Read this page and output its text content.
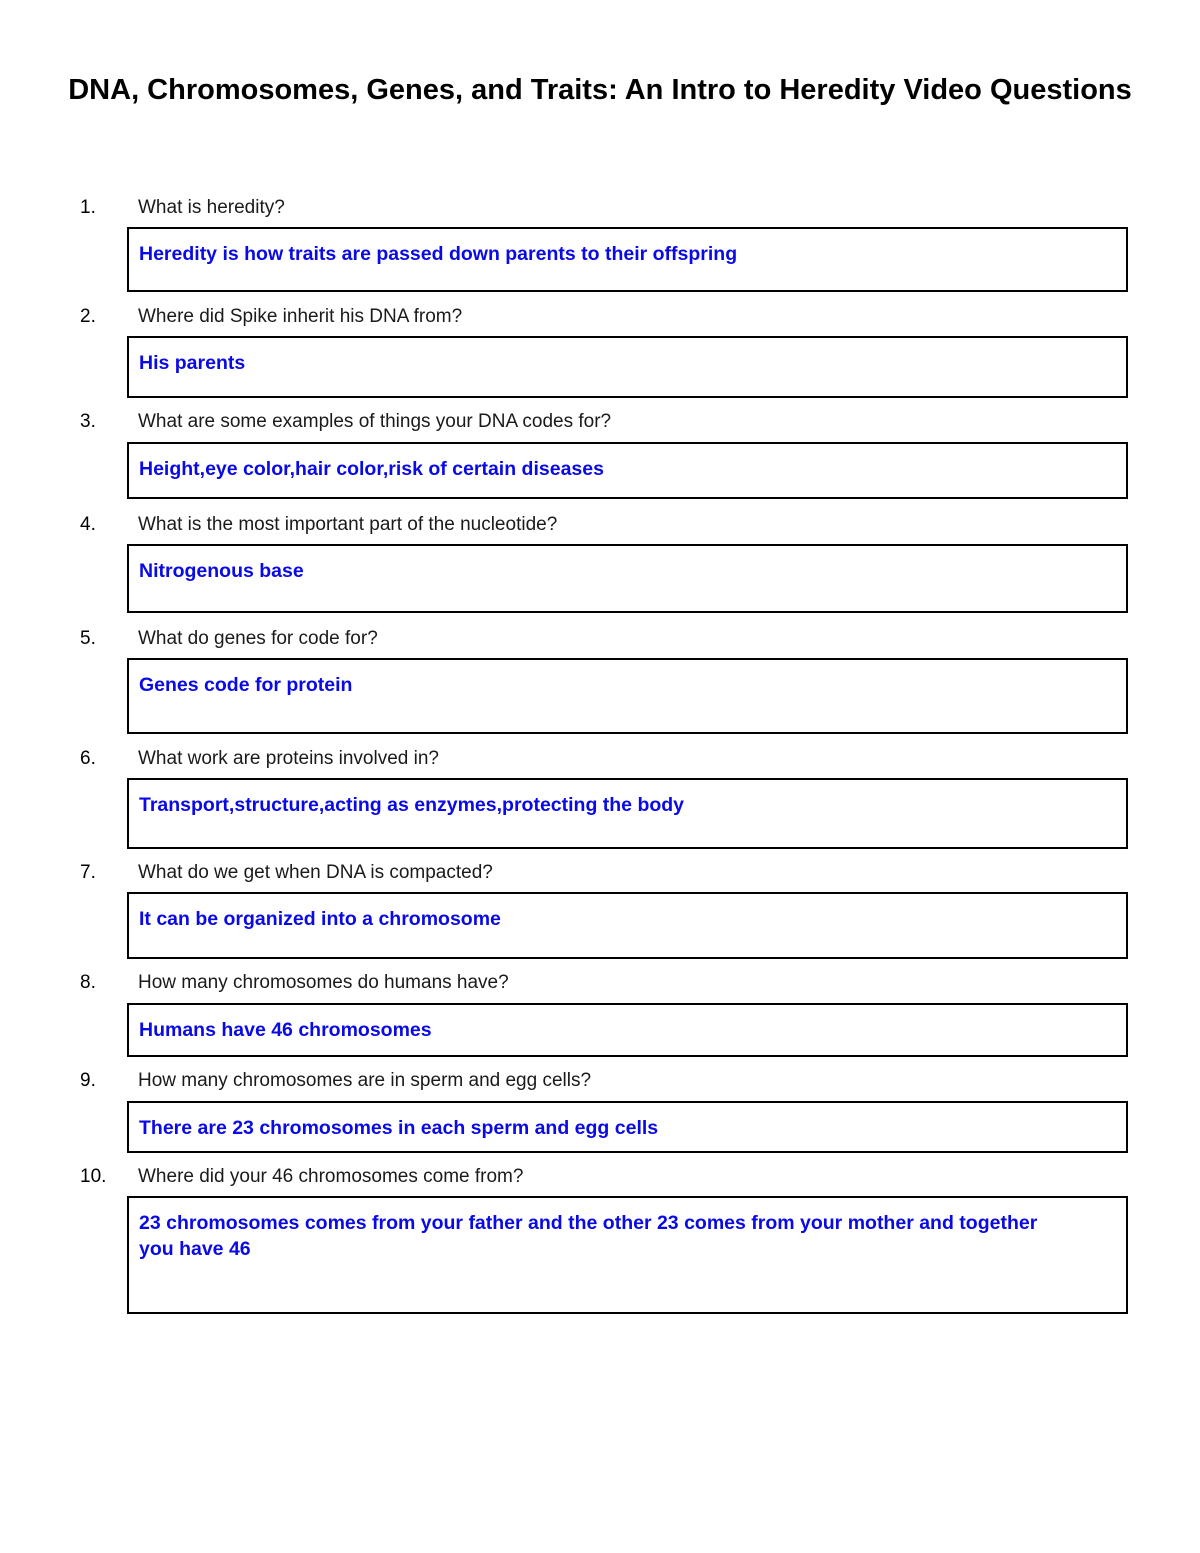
DNA, Chromosomes, Genes, and Traits: An Intro to Heredity Video Questions
1. What is heredity?
Heredity is how traits are passed down parents to their offspring
2. Where did Spike inherit his DNA from?
His parents
3. What are some examples of things your DNA codes for?
Height,eye color,hair color,risk of certain diseases
4. What is the most important part of the nucleotide?
Nitrogenous base
5. What do genes for code for?
Genes code for protein
6. What work are proteins involved in?
Transport,structure,acting as enzymes,protecting the body
7. What do we get when DNA is compacted?
It can be organized into a chromosome
8. How many chromosomes do humans have?
Humans have 46 chromosomes
9. How many chromosomes are in sperm and egg cells?
There are 23 chromosomes in each sperm and egg cells
10. Where did your 46 chromosomes come from?
23 chromosomes comes from your father and the other 23 comes from your mother and together you have 46
